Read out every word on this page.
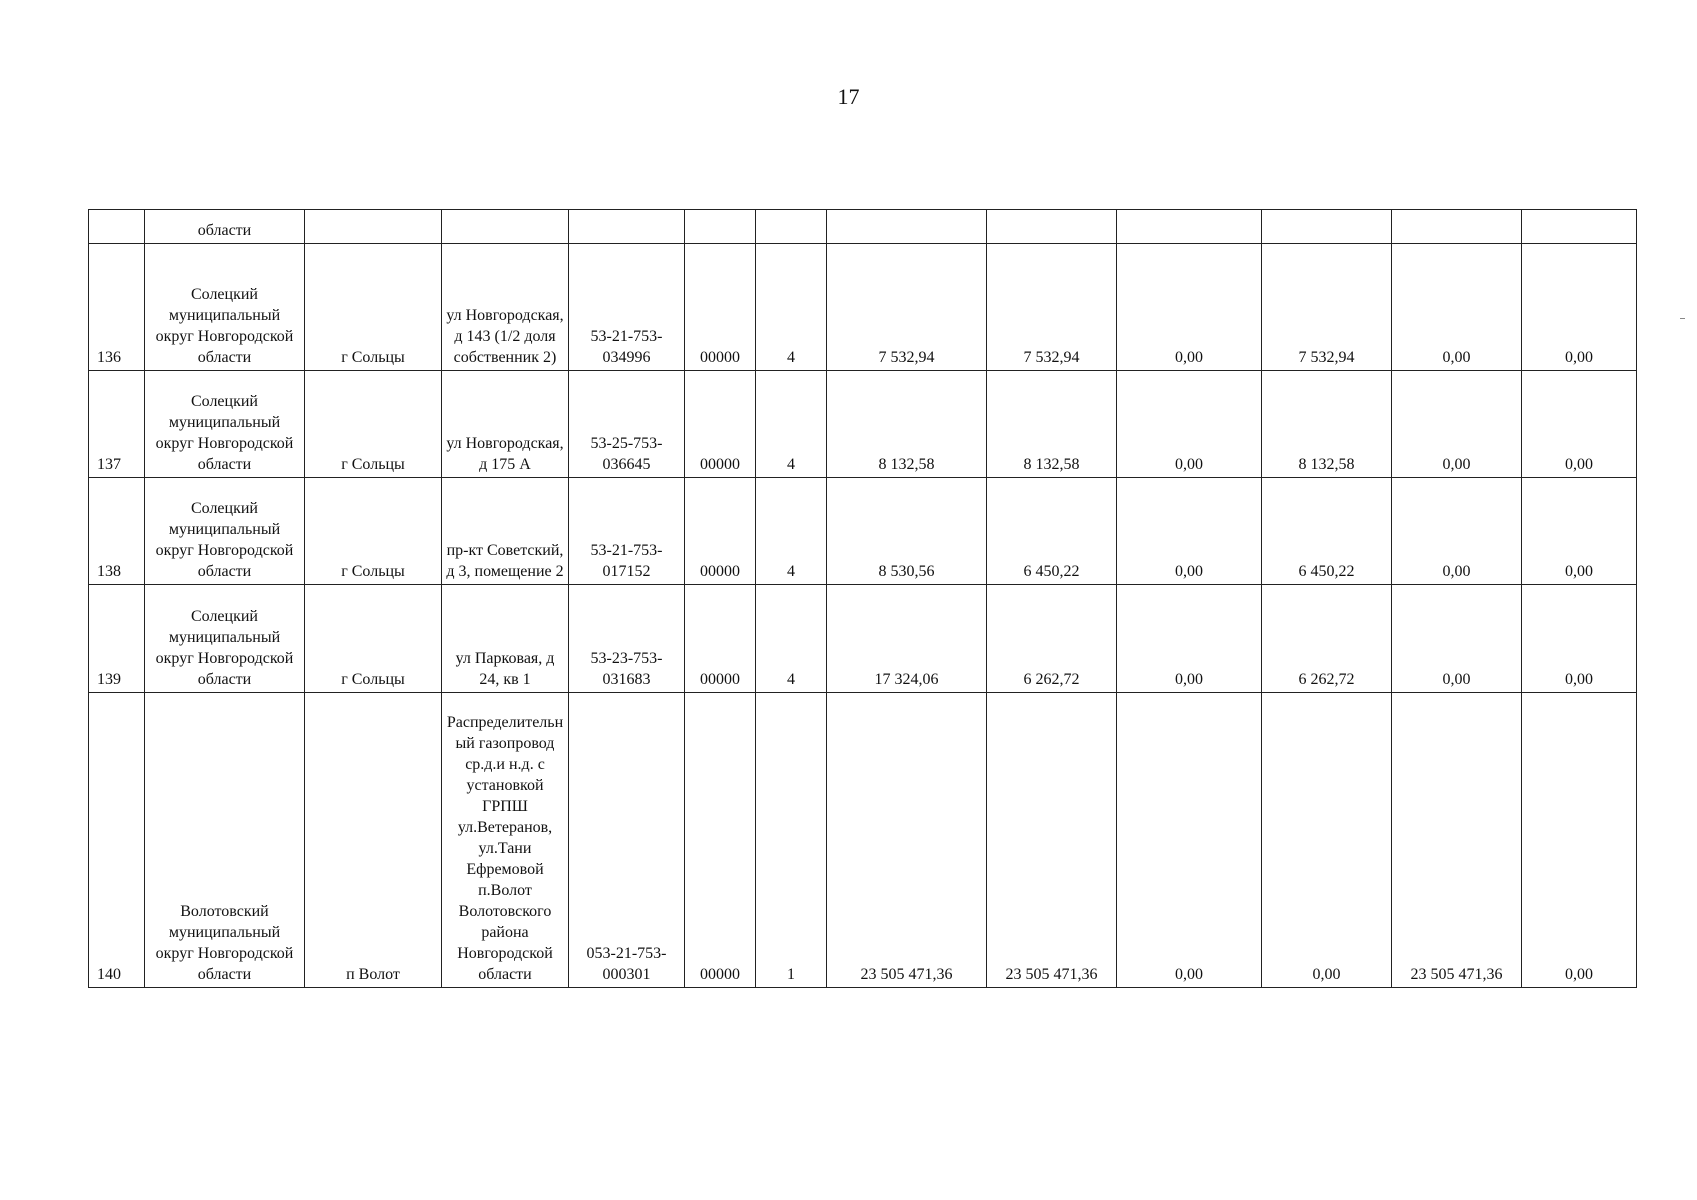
17
	области											
136	Солецкий муниципальный округ Новгородской области	г Сольцы	ул Новгородская, д 143 (1/2 доля собственник 2)	53-21-753-034996	00000	4	7 532,94	7 532,94	0,00	7 532,94	0,00	0,00
137	Солецкий муниципальный округ Новгородской области	г Сольцы	ул Новгородская, д 175 А	53-25-753-036645	00000	4	8 132,58	8 132,58	0,00	8 132,58	0,00	0,00
138	Солецкий муниципальный округ Новгородской области	г Сольцы	пр-кт Советский, д 3, помещение 2	53-21-753-017152	00000	4	8 530,56	6 450,22	0,00	6 450,22	0,00	0,00
139	Солецкий муниципальный округ Новгородской области	г Сольцы	ул Парковая, д 24, кв 1	53-23-753-031683	00000	4	17 324,06	6 262,72	0,00	6 262,72	0,00	0,00
140	Волотовский муниципальный округ Новгородской области	п Волот	Распределительный газопровод ср.д.и н.д. с установкой ГРПШ ул.Ветеранов, ул.Тани Ефремовой п.Волот Волотовского района Новгородской области	053-21-753-000301	00000	1	23 505 471,36	23 505 471,36	0,00	0,00	23 505 471,36	0,00
